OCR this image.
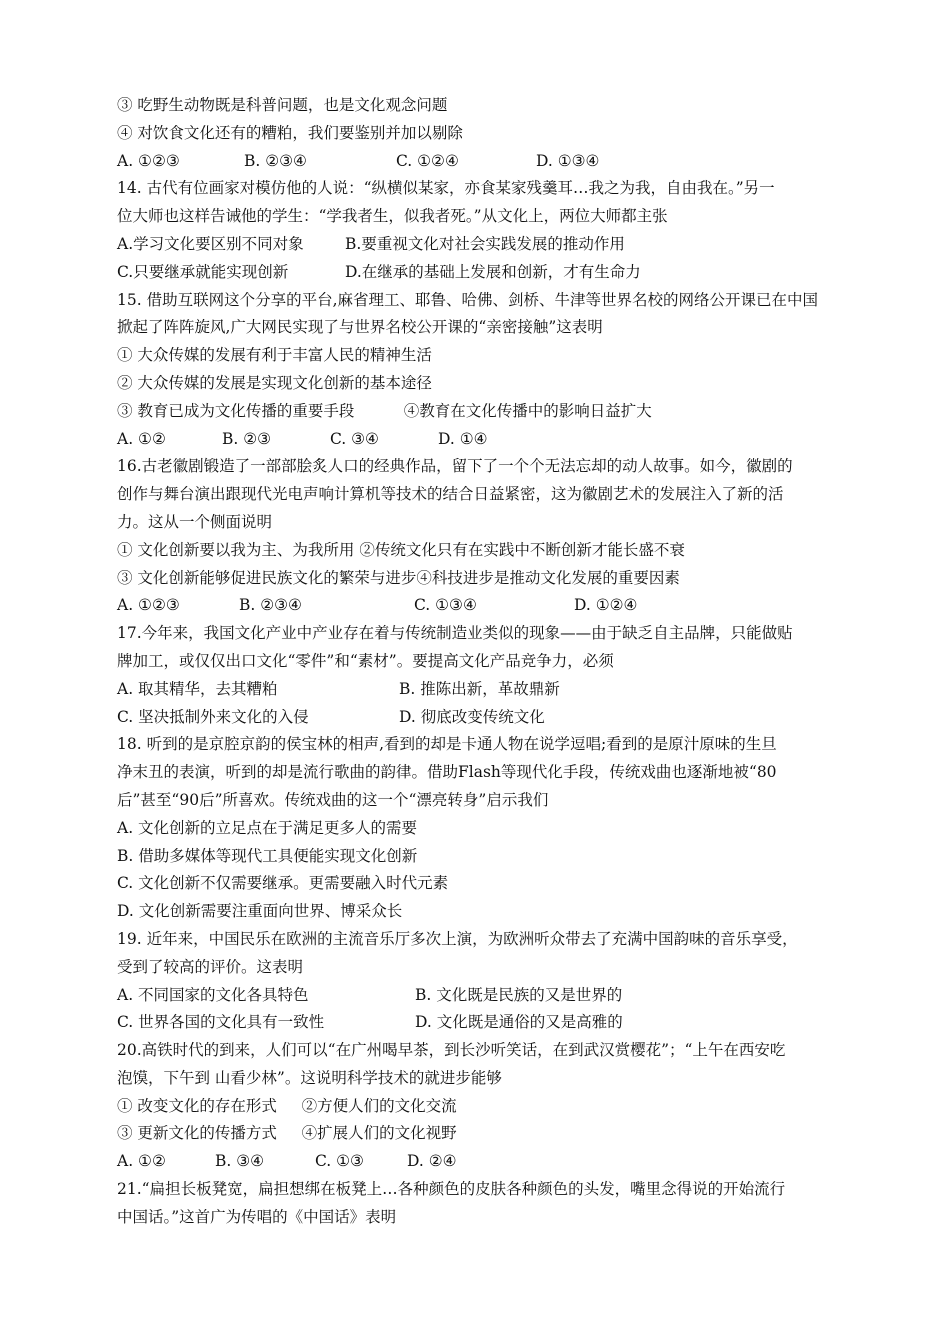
③ 吃野生动物既是科普问题，也是文化观念问题
④ 对饮食文化还有的糟粕，我们要鉴别并加以剔除
A. ①②③	B. ②③④	C. ①②④	D. ①③④
14. 古代有位画家对模仿他的人说：“纵横似某家，亦食某家残羹耳…我之为我，自由我在。”另一
位大师也这样告诫他的学生：“学我者生，似我者死。”从文化上，两位大师都主张
A.学习文化要区别不同对象	B.要重视文化对社会实践发展的推动作用
C.只要继承就能实现创新	D.在继承的基础上发展和创新，才有生命力
15. 借助互联网这个分享的平台,麻省理工、耶鲁、哈佛、剑桥、牛津等世界名校的网络公开课已在中国
掀起了阵阵旋风,广大网民实现了与世界名校公开课的“亲密接触”这表明
① 大众传媒的发展有利于丰富人民的精神生活
② 大众传媒的发展是实现文化创新的基本途径
③ 教育已成为文化传播的重要手段          ④教育在文化传播中的影响日益扩大
A. ①②	B. ②③	C. ③④	D. ①④
16.古老徽剧锻造了一部部脍炙人口的经典作品，留下了一个个无法忘却的动人故事。如今，徽剧的
创作与舞台演出跟现代光电声响计算机等技术的结合日益紧密，这为徽剧艺术的发展注入了新的活
力。这从一个侧面说明
① 文化创新要以我为主、为我所用 ②传统文化只有在实践中不断创新才能长盛不衰
③ 文化创新能够促进民族文化的繁荣与进步④科技进步是推动文化发展的重要因素
A. ①②③	B. ②③④	C. ①③④	D. ①②④
17.今年来，我国文化产业中产业存在着与传统制造业类似的现象——由于缺乏自主品牌，只能做贴
牌加工，或仅仅出口文化“零件”和“素材”。要提高文化产品竞争力，必须
A. 取其精华，去其糟粕	B. 推陈出新，革故鼎新
C. 坚决抵制外来文化的入侵	D. 彻底改变传统文化
18. 听到的是京腔京韵的侯宝林的相声,看到的却是卡通人物在说学逗唱;看到的是原汁原味的生旦
净末丑的表演，听到的却是流行歌曲的韵律。借助Flash等现代化手段，传统戏曲也逐渐地被“80
后”甚至“90后”所喜欢。传统戏曲的这一个“漂亮转身”启示我们
A. 文化创新的立足点在于满足更多人的需要
B. 借助多媒体等现代工具便能实现文化创新
C. 文化创新不仅需要继承。更需要融入时代元素
D. 文化创新需要注重面向世界、博采众长
19. 近年来，中国民乐在欧洲的主流音乐厅多次上演，为欧洲听众带去了充满中国韵味的音乐享受，
受到了较高的评价。这表明
A. 不同国家的文化各具特色	B. 文化既是民族的又是世界的
C. 世界各国的文化具有一致性	D. 文化既是通俗的又是高雅的
20.高铁时代的到来，人们可以“在广州喝早茶，到长沙听笑话，在到武汉赏樱花”；“上午在西安吃
泡馍，下午到 山看少林”。这说明科学技术的就进步能够
① 改变文化的存在形式     ②方便人们的文化交流
③ 更新文化的传播方式     ④扩展人们的文化视野
A. ①②	B. ③④	C. ①③	D. ②④
21.“扁担长板凳宽，扁担想绑在板凳上…各种颜色的皮肤各种颜色的头发，嘴里念得说的开始流行
中国话。”这首广为传唱的《中国话》表明
